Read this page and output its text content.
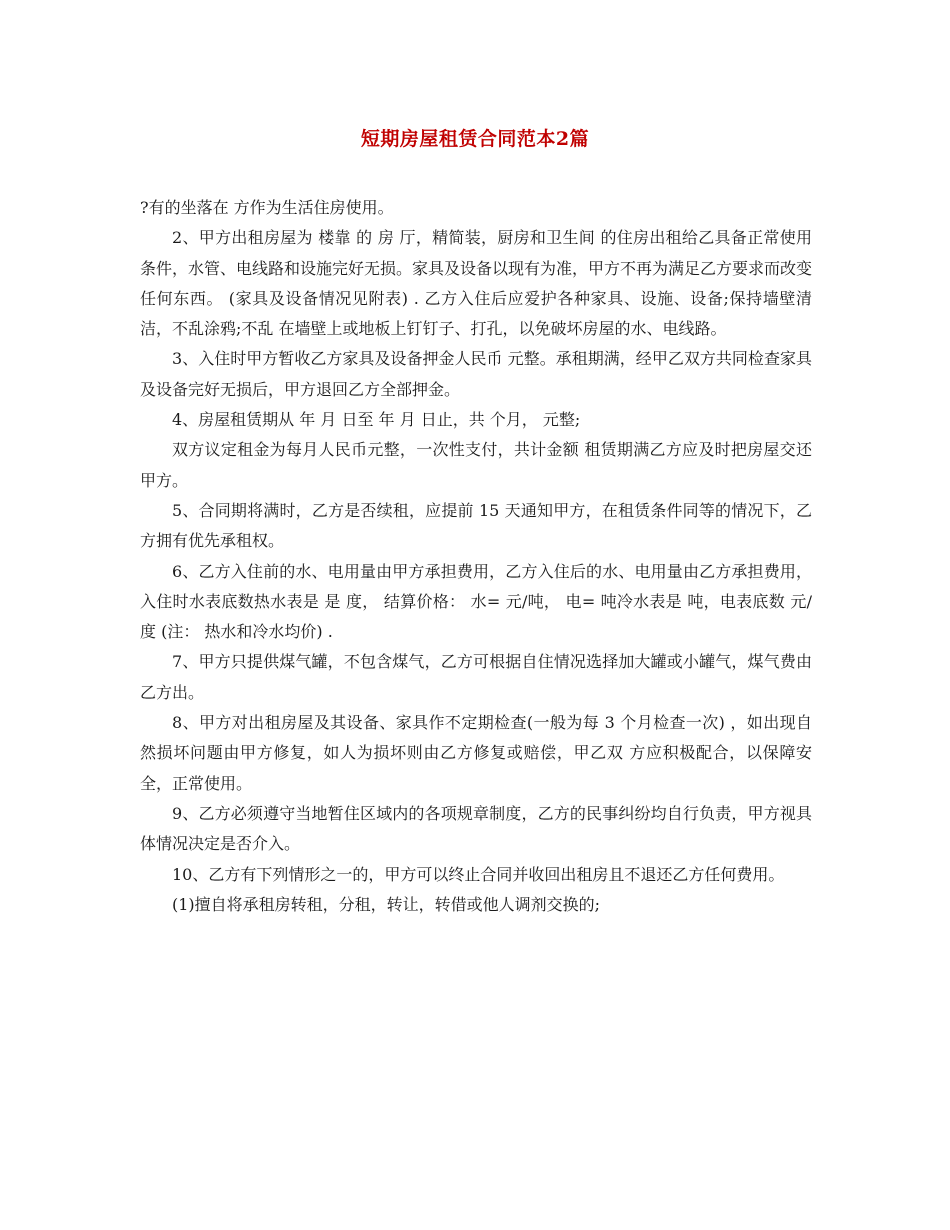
短期房屋租赁合同范本2篇

?有的坐落在 方作为生活住房使用。

2、甲方出租房屋为 楼靠 的 房 厅，精简装，厨房和卫生间 的住房出租给乙具备正常使用条件，水管、电线路和设施完好无损。家具及设备以现有为准，甲方不再为满足乙方要求而改变任何东西。 (家具及设备情况见附表) . 乙方入住后应爱护各种家具、设施、设备;保持墙壁清洁，不乱涂鸦;不乱 在墙壁上或地板上钉钉子、打孔，以免破坏房屋的水、电线路。

3、入住时甲方暂收乙方家具及设备押金人民币 元整。承租期满，经甲乙双方共同检查家具及设备完好无损后，甲方退回乙方全部押金。

4、房屋租赁期从 年 月 日至 年 月 日止，共 个月， 元整;

双方议定租金为每月人民币元整，一次性支付，共计金额 租赁期满乙方应及时把房屋交还甲方。

5、合同期将满时，乙方是否续租，应提前 15 天通知甲方，在租赁条件同等的情况下，乙方拥有优先承租权。

6、乙方入住前的水、电用量由甲方承担费用，乙方入住后的水、电用量由乙方承担费用，入住时水表底数热水表是 是 度， 结算价格： 水= 元/吨， 电= 吨冷水表是 吨，电表底数 元/度 (注： 热水和冷水均价) .

7、甲方只提供煤气罐，不包含煤气，乙方可根据自住情况选择加大罐或小罐气，煤气费由乙方出。

8、甲方对出租房屋及其设备、家具作不定期检查(一般为每 3 个月检查一次) ，如出现自然损坏问题由甲方修复，如人为损坏则由乙方修复或赔偿，甲乙双 方应积极配合，以保障安全，正常使用。

9、乙方必须遵守当地暂住区域内的各项规章制度，乙方的民事纠纷均自行负责，甲方视具体情况决定是否介入。

10、乙方有下列情形之一的，甲方可以终止合同并收回出租房且不退还乙方任何费用。

(1)擅自将承租房转租，分租，转让，转借或他人调剂交换的;
